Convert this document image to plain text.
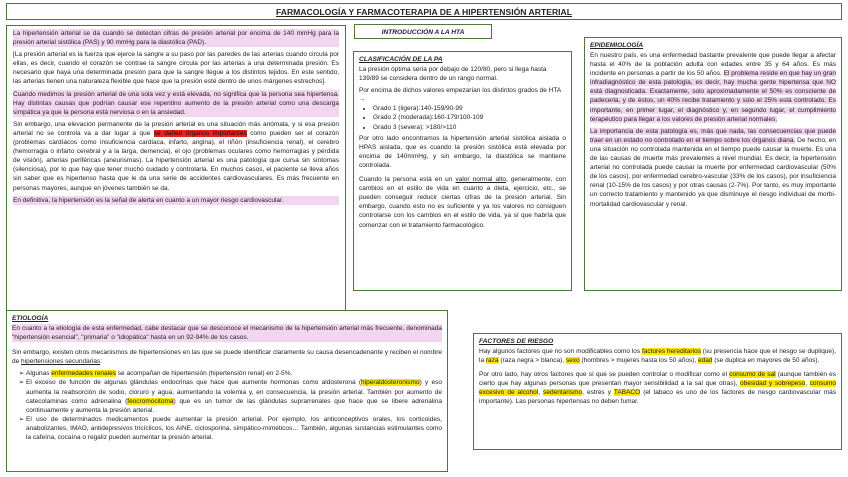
FARMACOLOGÍA Y FARMACOTERAPIA DE A HIPERTENSIÓN ARTERIAL
INTRODUCCIÓN A LA HTA

La hipertensión arterial se da cuando se detectan cifras de presión arterial por encima de 140 mmHg para la presión arterial sistólica (PAS) y 90 mmHg para la diastólica (PAD).

[La presión arterial es la fuerza que ejerce la sangre a su paso por las paredes de las arterias cuando circula por ellas, es decir, cuando el corazón se contrae la sangre circula por las arterias a una determinada presión. Es necesario que haya una determinada presión para que la sangre llegue a los distintos tejidos. En este sentido, las arterias tienen una naturaleza flexible que hace que la presión esté dentro de unos márgenes estrechos].

Cuando medimos la presión arterial de una sola vez y está elevada, no significa que la persona sea hipertensa. Hay distintas causas que podrían causar ese repentino aumento de la presión arterial como una descarga simpática ya que la persona está nerviosa o en la ansiedad.

Sin embargo, una elevación permanente de la presión arterial es una situación más anómala, y si esa presión arterial no se controla va a dar lugar a que se dañen órganos importantes como pueden ser el corazón (problemas cardíacos como insuficiencia cardiaca, infarto, angina), el riñón (insuficiencia renal), el cerebro (hemorragia o infarto cerebral y a la larga, demencia), el ojo (problemas oculares como hemorragias y pérdida de visión), arterias periféricas (aneurismas). La hipertensión arterial es una patología que cursa sin síntomas (silenciosa), por lo que hay que tener mucho cuidado y controlarla. En muchos casos, el paciente se lleva años sin saber que es hipertenso hasta que le da una serie de accidentes cardiovasculares. Es más frecuente en personas mayores, aunque en jóvenes también se da.

En definitiva, la hipertensión es la señal de alerta en cuanto a un mayor riesgo cardiovascular.

CLASIFICACIÓN DE LA PA

La presión óptima sería por debajo de 120/80, pero si llega hasta 139/89 se considera dentro de un rango normal.

Por encima de dichos valores empezarían los distintos grados de HTA →

• Grado 1 (ligera):140-159/90-99
• Grado 2 (moderada):160-179/100-109
• Grado 3 (severa): >180/>110

Por otro lado encontramos la hipertensión arterial sistólica aislada o HPAS aislada, que es cuando la presión sistólica está elevada por encima de 140mmHg, y sin embargo, la diastólica se mantiene controlada.

Cuando la persona está en un valor normal alto, generalmente, con cambios en el estilo de vida en cuanto a dieta, ejercicio, etc., se pueden conseguir reducir ciertas cifras de la presión arterial. Sin embargo, cuando esto no es suficiente y ya los valores no consiguen controlarse con los cambios en el estilo de vida, ya sí que habría que comenzar con el tratamiento farmacológico.

EPIDEMIOLOGÍA

En nuestro país, es una enfermedad bastante prevalente que puede llegar a afectar hasta el 40% de la población adulta con edades entre 35 y 64 años. Es más incidente en personas a partir de los 50 años. El problema reside en que hay un gran infradiagnóstico de esta patología, es decir, hay mucha gente hipertensa que NO está diagnosticada. Exactamente, solo aproximadamente el 50% es consciente de padecerla, y de éstos, un 40% recibe tratamiento y solo el 25% está controlado. Es importante, en primer lugar, el diagnóstico y, en segundo lugar, el cumplimiento terapéutico para llegar a los valores de presión arterial normales.

La importancia de esta patología es, más que nada, las consecuencias que puede traer en un estado no controlado en el tiempo sobre los órganos diana. De hecho, en una situación no controlada mantenida en el tiempo puede causar la muerte. Es una de las causas de muerte más prevalentes a nivel mundial. Es decir, la hipertensión arterial no controlada puede causar la muerte por enfermedad cardiovascular (50% de los casos), por enfermedad cerebro-vascular (33% de los casos), por insuficiencia renal (10-15% de los casos) y por otras causas (2-7%). Por tanto, es muy importante un correcto tratamiento y mantenido ya que disminuye el riesgo individual de morbi-mortalidad cardiovascular y renal.

ETIOLOGÍA

En cuanto a la etiología de esta enfermedad, cabe destacar que se desconoce el mecanismo de la hipertensión arterial más frecuente, denominada "hipertensión esencial", "primaria" o "idiopática" hasta en un 92-94% de los casos.

Sin embargo, existen otros mecanismos de hipertensiones en las que se puede identificar claramente su causa desencadenante y reciben el nombre de hipertensiones secundarias:

➢ Algunas enfermedades renales se acompañan de hipertensión (hipertensión renal) en 2-5%.
➢ El exceso de función de algunas glándulas endocrinas que hace que aumente hormonas como aldosterona (hiperaldosteronismo) y eso aumenta la reabsorción de sodio, cloruro y agua, aumentando la volemia y, en consecuencia, la presión arterial. También por aumento de catecolaminas como adrenalina (feocromocitoma) que es un tumor de las glándulas suprarrenales que hace que se libere adrenalina continuamente y aumenta la presión arterial.
➢ El uso de determinados medicamentos puede aumentar la presión arterial. Por ejemplo, los anticonceptivos orales, los corticoides, anabolizantes, IMAO, antidepresivos tricíclicos, los AINE, ciclosporina, simpático-miméticos… También, algunas sustancias estimulantes como la cafeína, cocaína o regaliz pueden aumentar la presión arterial.
FACTORES DE RIESGO

Hay algunos factores que no son modificables como los factores hereditarios (su presencia hace que el riesgo se duplique), la raza (raza negra > blanca), sexo (hombres > mujeres hasta los 50 años), edad (se duplica en mayores de 50 años).

Por otro lado, hay otros factores que sí que se pueden controlar o modificar como el consumo de sal (aunque también es cierto que hay algunas personas que presentan mayor sensibilidad a la sal que otras), obesidad y sobrepeso, consumo excesivo de alcohol, sedentarismo, estrés y TABACO (el tabaco es uno de los factores de riesgo cardiovascular más importante). Las personas hipertensas no deben fumar.
